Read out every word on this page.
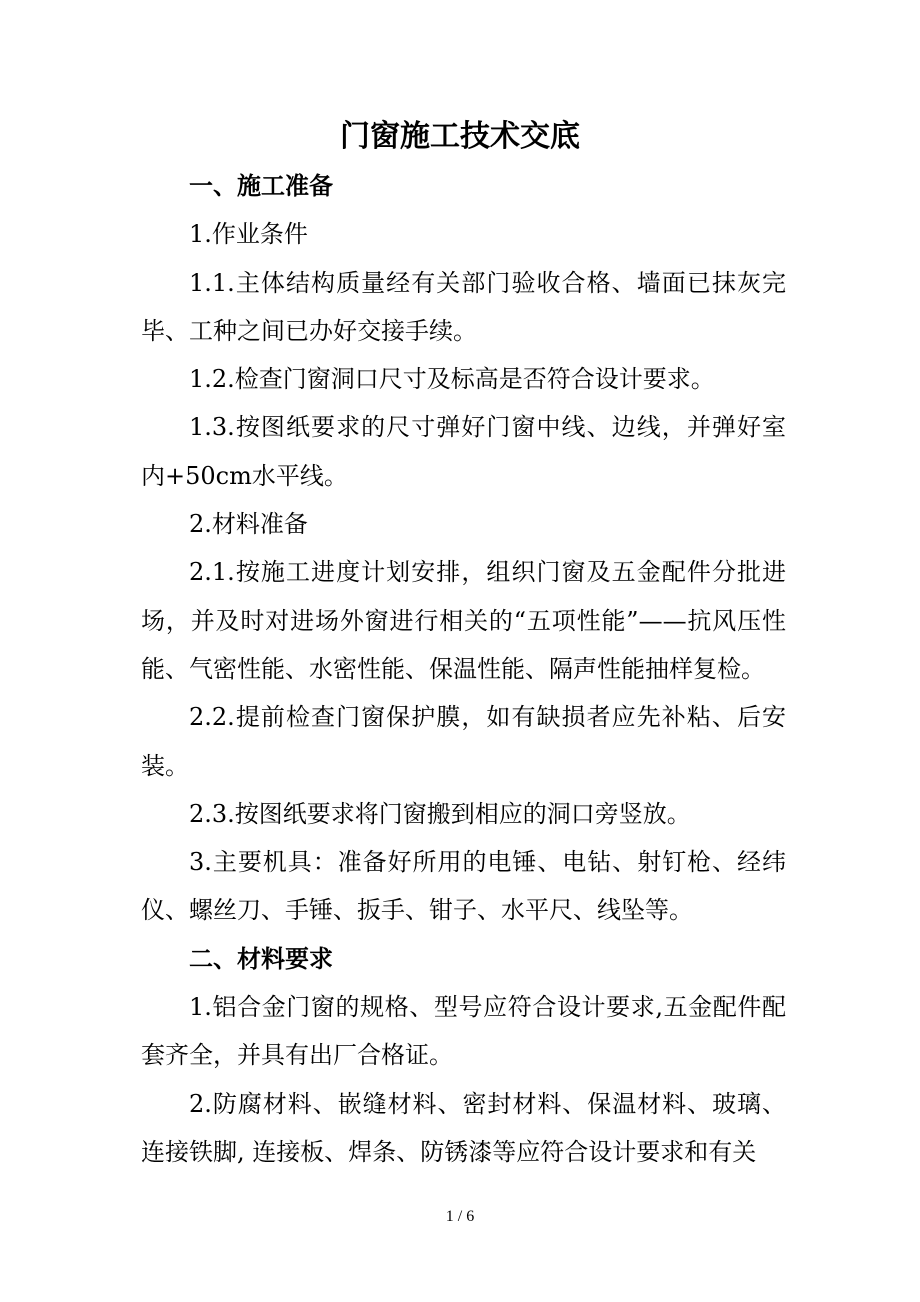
门窗施工技术交底

一、施工准备

1.作业条件

1.1.主体结构质量经有关部门验收合格、墙面已抹灰完毕、工种之间已办好交接手续。

1.2.检查门窗洞口尺寸及标高是否符合设计要求。

1.3.按图纸要求的尺寸弹好门窗中线、边线，并弹好室内+50cm水平线。

2.材料准备

2.1.按施工进度计划安排，组织门窗及五金配件分批进场，并及时对进场外窗进行相关的“五项性能”——抗风压性能、气密性能、水密性能、保温性能、隔声性能抽样复检。

2.2.提前检查门窗保护膜，如有缺损者应先补粘、后安装。

2.3.按图纸要求将门窗搬到相应的洞口旁竖放。

3.主要机具：准备好所用的电锤、电钻、射钉枪、经纬仪、螺丝刀、手锤、扳手、钳子、水平尺、线坠等。

二、材料要求

1.铝合金门窗的规格、型号应符合设计要求,五金配件配套齐全，并具有出厂合格证。

2.防腐材料、嵌缝材料、密封材料、保温材料、玻璃、连接铁脚, 连接板、焊条、防锈漆等应符合设计要求和有关

1 / 6
